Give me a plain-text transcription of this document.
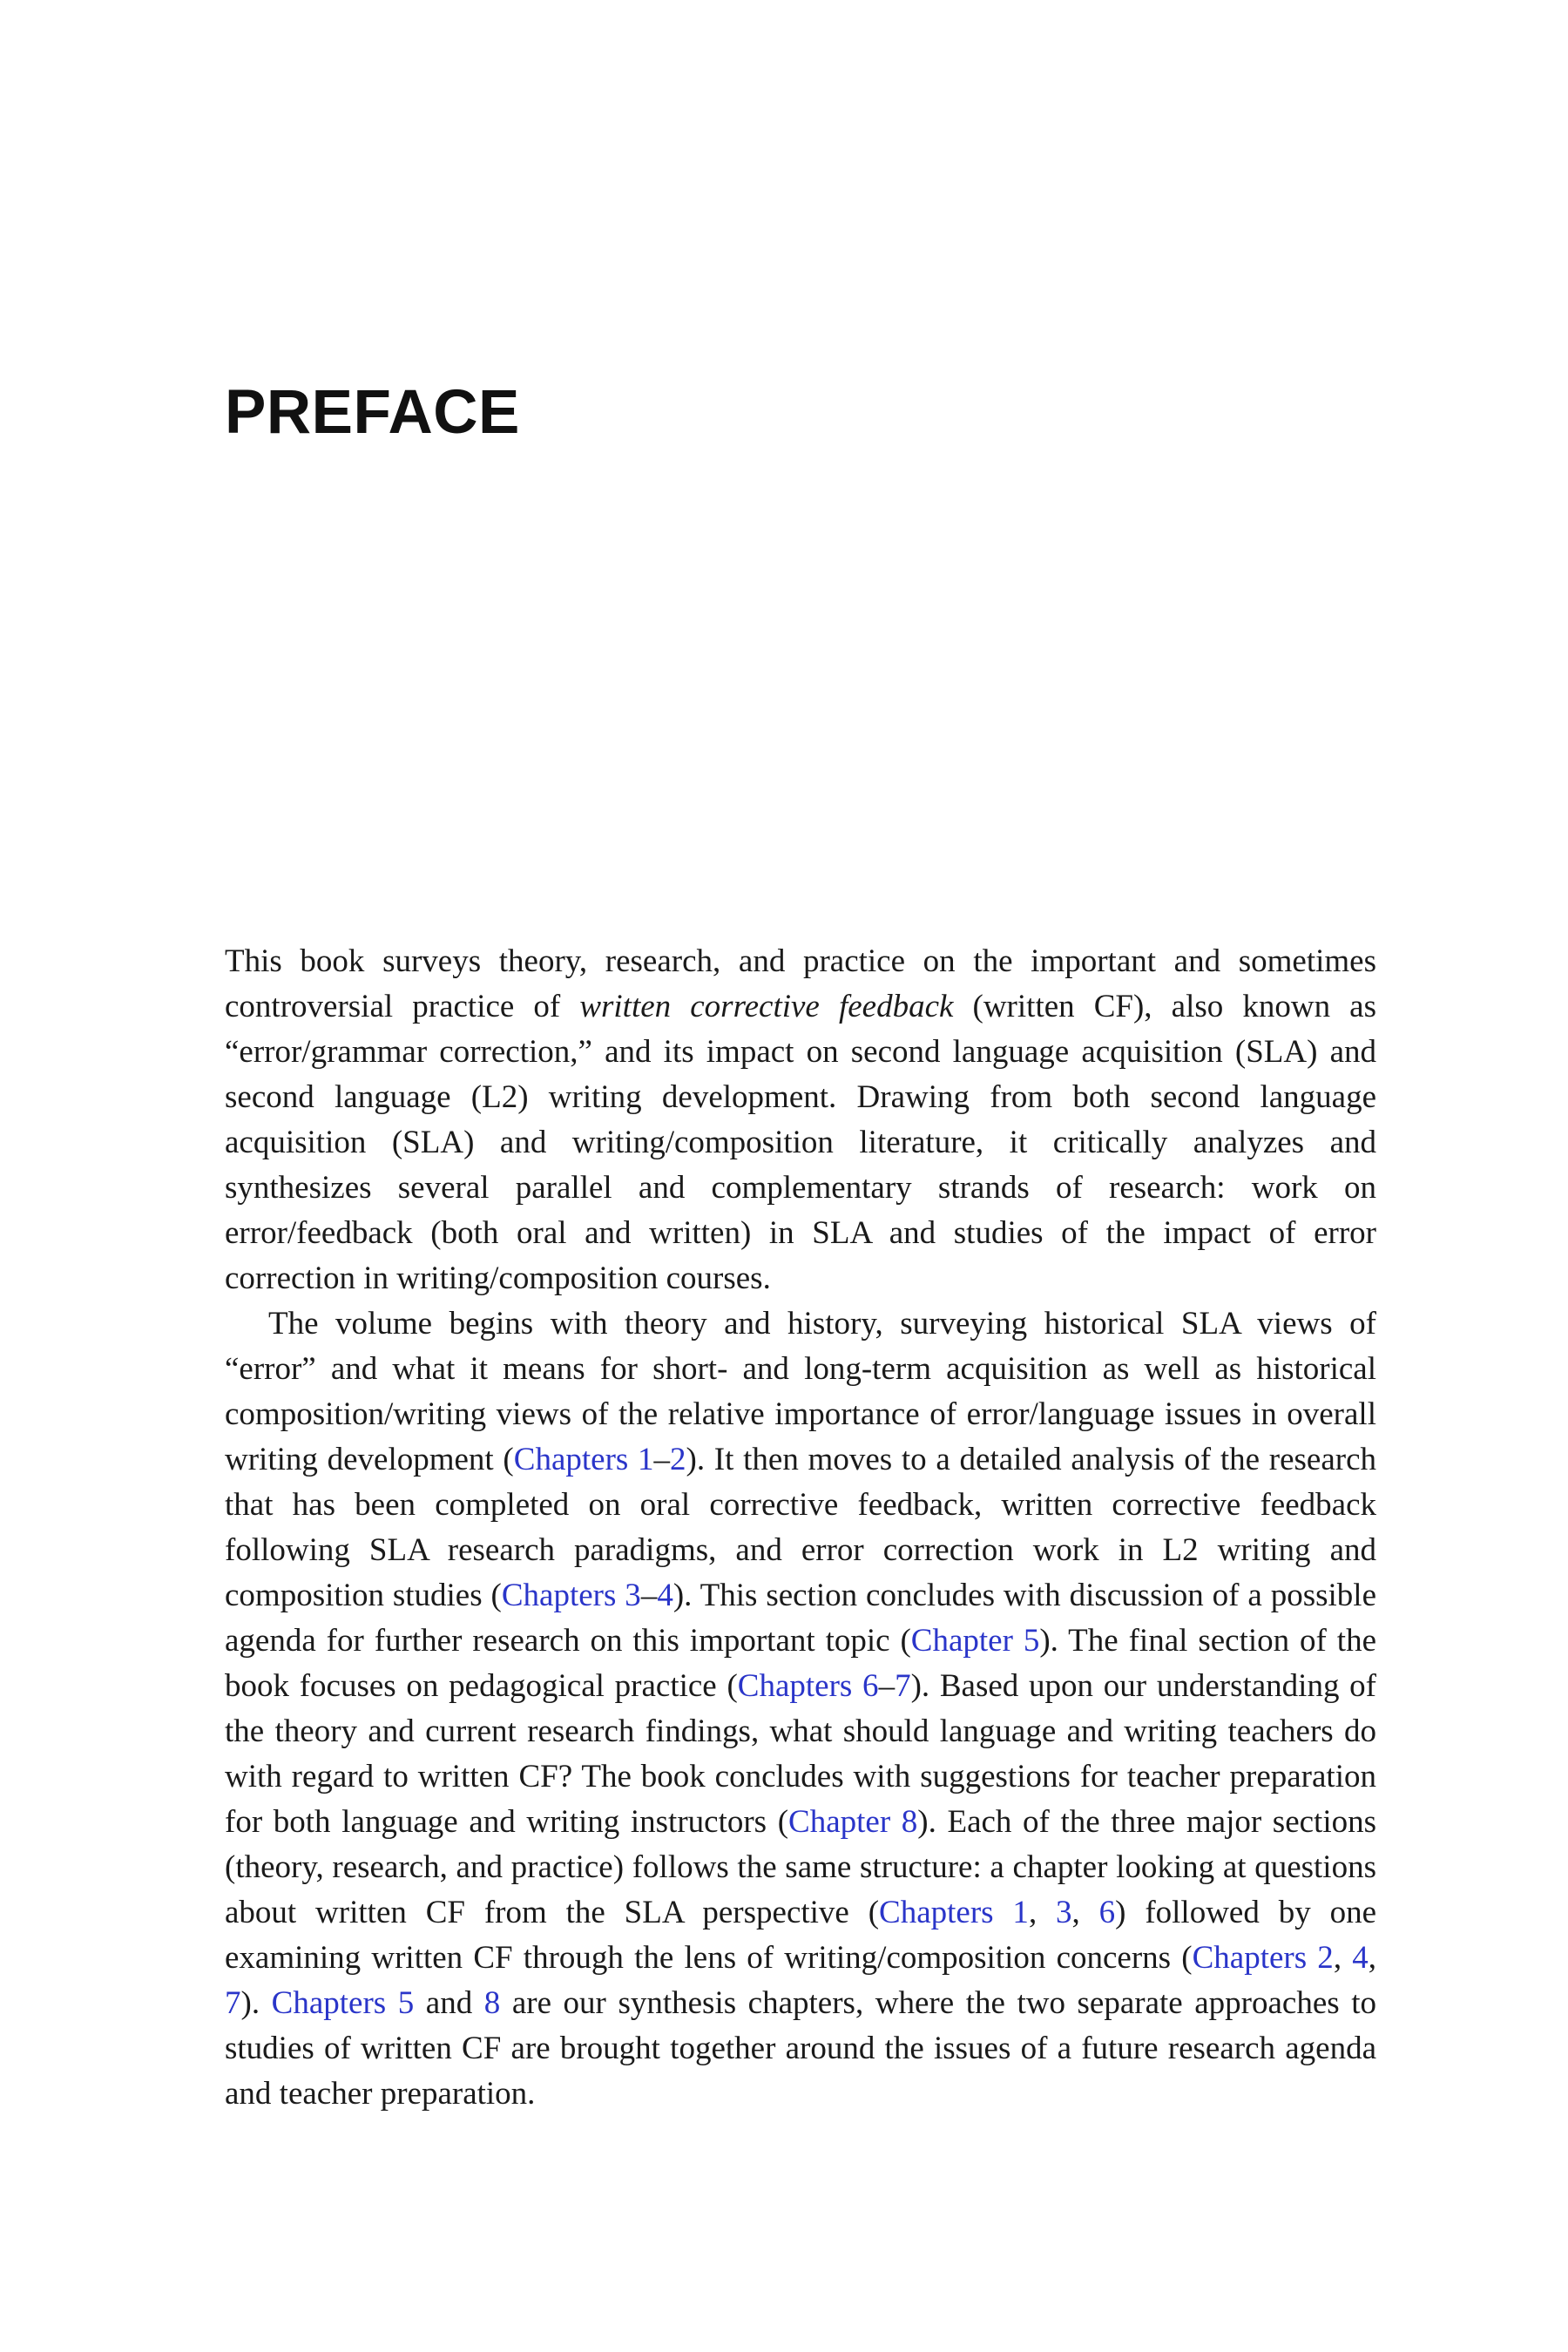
PREFACE

This book surveys theory, research, and practice on the important and sometimes controversial practice of written corrective feedback (written CF), also known as “error/grammar correction,” and its impact on second language acquisition (SLA) and second language (L2) writing development. Drawing from both second language acquisition (SLA) and writing/composition literature, it critically analyzes and synthesizes several parallel and complementary strands of research: work on error/feedback (both oral and written) in SLA and studies of the impact of error correction in writing/composition courses.

The volume begins with theory and history, surveying historical SLA views of “error” and what it means for short- and long-term acquisition as well as historical composition/writing views of the relative importance of error/language issues in overall writing development (Chapters 1–2). It then moves to a detailed analysis of the research that has been completed on oral corrective feedback, written corrective feedback following SLA research paradigms, and error correction work in L2 writing and composition studies (Chapters 3–4). This section concludes with discussion of a possible agenda for further research on this important topic (Chapter 5). The final section of the book focuses on pedagogical practice (Chapters 6–7). Based upon our understanding of the theory and current research findings, what should language and writing teachers do with regard to written CF? The book concludes with suggestions for teacher preparation for both language and writing instructors (Chapter 8). Each of the three major sections (theory, research, and practice) follows the same structure: a chapter looking at questions about written CF from the SLA perspective (Chapters 1, 3, 6) followed by one examining written CF through the lens of writing/composition concerns (Chapters 2, 4, 7). Chapters 5 and 8 are our synthesis chapters, where the two separate approaches to studies of written CF are brought together around the issues of a future research agenda and teacher preparation.
